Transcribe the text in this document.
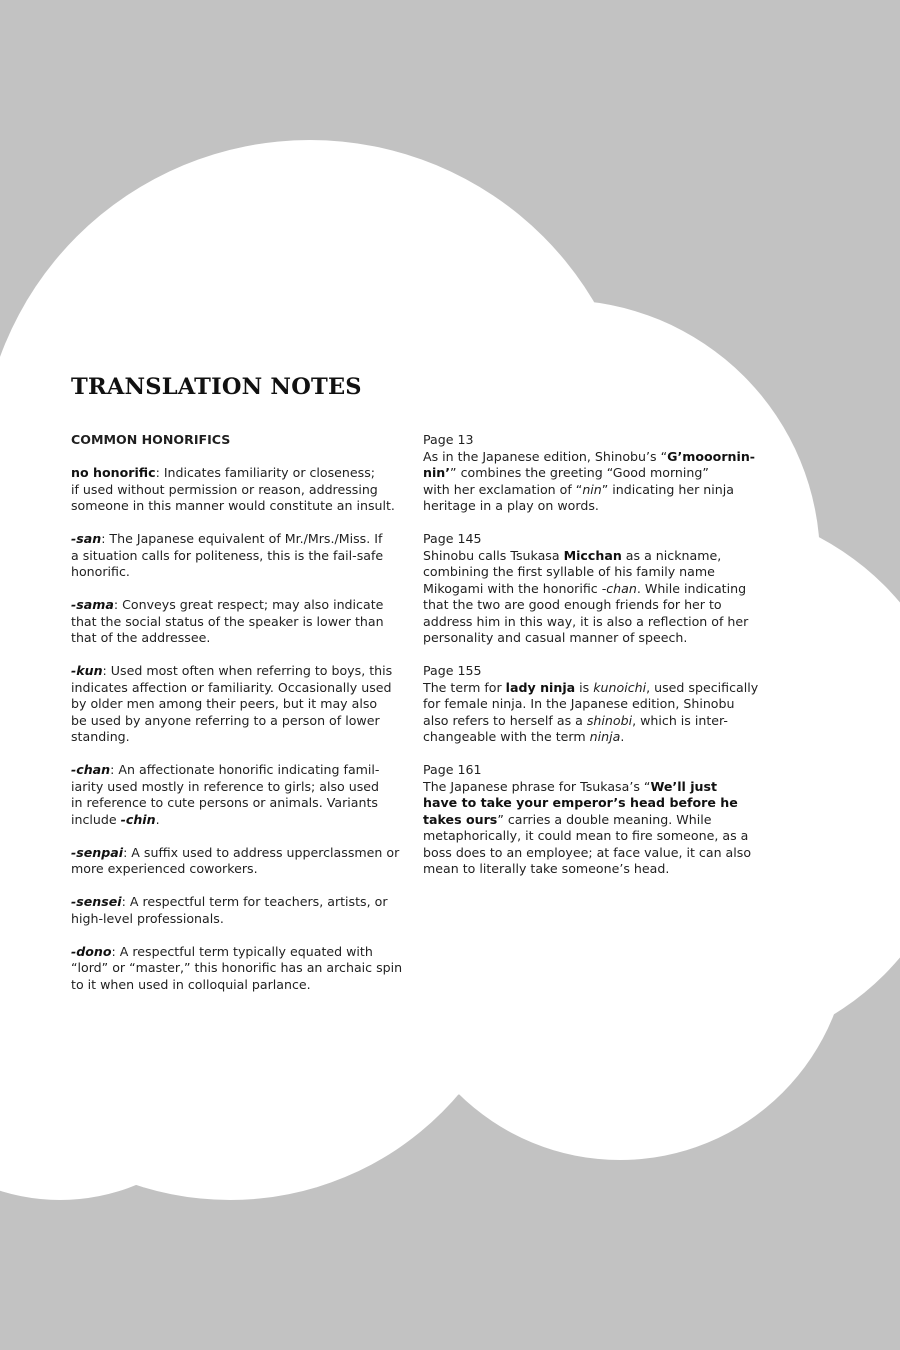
TRANSLATION NOTES
COMMON HONORIFICS
no honorific: Indicates familiarity or closeness;
if used without permission or reason, addressing
someone in this manner would constitute an insult.
-san: The Japanese equivalent of Mr./Mrs./Miss. If
a situation calls for politeness, this is the fail-safe
honorific.
-sama: Conveys great respect; may also indicate
that the social status of the speaker is lower than
that of the addressee.
-kun: Used most often when referring to boys, this
indicates affection or familiarity. Occasionally used
by older men among their peers, but it may also
be used by anyone referring to a person of lower
standing.
-chan: An affectionate honorific indicating famil-
iarity used mostly in reference to girls; also used
in reference to cute persons or animals. Variants
include -chin.
-senpai: A suffix used to address upperclassmen or
more experienced coworkers.
-sensei: A respectful term for teachers, artists, or
high-level professionals.
-dono: A respectful term typically equated with
“lord” or “master,” this honorific has an archaic spin
to it when used in colloquial parlance.
Page 13
As in the Japanese edition, Shinobu’s “G’mooornin-
nin’” combines the greeting “Good morning”
with her exclamation of “nin” indicating her ninja
heritage in a play on words.
Page 145
Shinobu calls Tsukasa Micchan as a nickname,
combining the first syllable of his family name
Mikogami with the honorific -chan. While indicating
that the two are good enough friends for her to
address him in this way, it is also a reflection of her
personality and casual manner of speech.
Page 155
The term for lady ninja is kunoichi, used specifically
for female ninja. In the Japanese edition, Shinobu
also refers to herself as a shinobi, which is inter-
changeable with the term ninja.
Page 161
The Japanese phrase for Tsukasa’s “We’ll just
have to take your emperor’s head before he
takes ours” carries a double meaning. While
metaphorically, it could mean to fire someone, as a
boss does to an employee; at face value, it can also
mean to literally take someone’s head.
